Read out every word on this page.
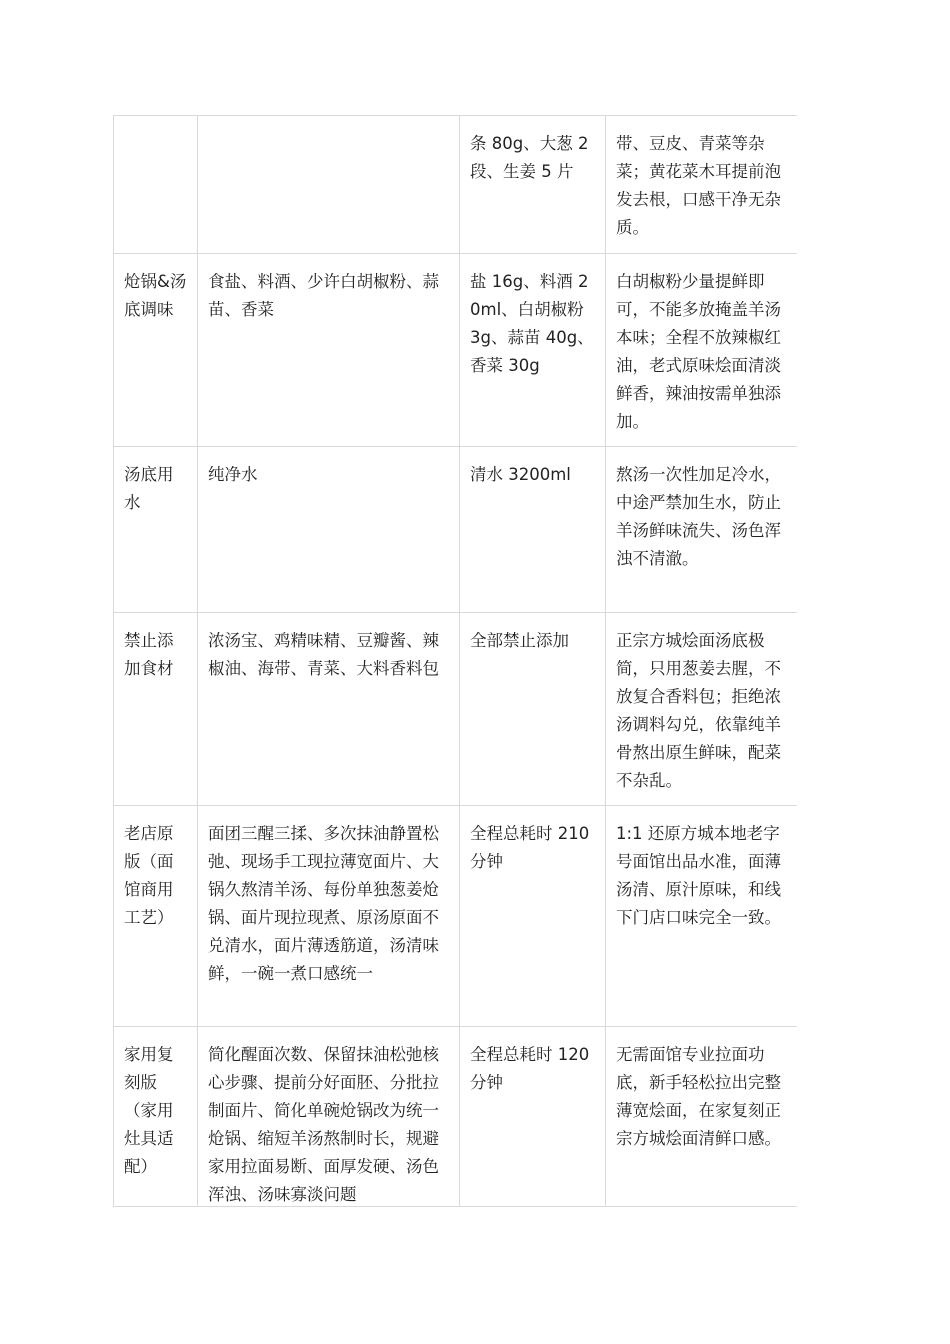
		条 80g、大葱 2 段、生姜 5 片	带、豆皮、青菜等杂菜；黄花菜木耳提前泡发去根，口感干净无杂质。
炝锅&汤底调味	食盐、料酒、少许白胡椒粉、蒜苗、香菜	盐 16g、料酒 20ml、白胡椒粉 3g、蒜苗 40g、香菜 30g	白胡椒粉少量提鲜即可，不能多放掩盖羊汤本味；全程不放辣椒红油，老式原味烩面清淡鲜香，辣油按需单独添加。
汤底用水	纯净水	清水 3200ml	熬汤一次性加足冷水，中途严禁加生水，防止羊汤鲜味流失、汤色浑浊不清澈。
禁止添加食材	浓汤宝、鸡精味精、豆瓣酱、辣椒油、海带、青菜、大料香料包	全部禁止添加	正宗方城烩面汤底极简，只用葱姜去腥，不放复合香料包；拒绝浓汤调料勾兑，依靠纯羊骨熬出原生鲜味，配菜不杂乱。
老店原版（面馆商用工艺）	面团三醒三揉、多次抹油静置松弛、现场手工现拉薄宽面片、大锅久熬清羊汤、每份单独葱姜炝锅、面片现拉现煮、原汤原面不兑清水，面片薄透筋道，汤清味鲜，一碗一煮口感统一	全程总耗时 210 分钟	1:1 还原方城本地老字号面馆出品水准，面薄汤清、原汁原味，和线下门店口味完全一致。
家用复刻版（家用灶具适配）	简化醒面次数、保留抹油松弛核心步骤、提前分好面胚、分批拉制面片、简化单碗炝锅改为统一炝锅、缩短羊汤熬制时长，规避家用拉面易断、面厚发硬、汤色浑浊、汤味寡淡问题	全程总耗时 120 分钟	无需面馆专业拉面功底，新手轻松拉出完整薄宽烩面，在家复刻正宗方城烩面清鲜口感。
